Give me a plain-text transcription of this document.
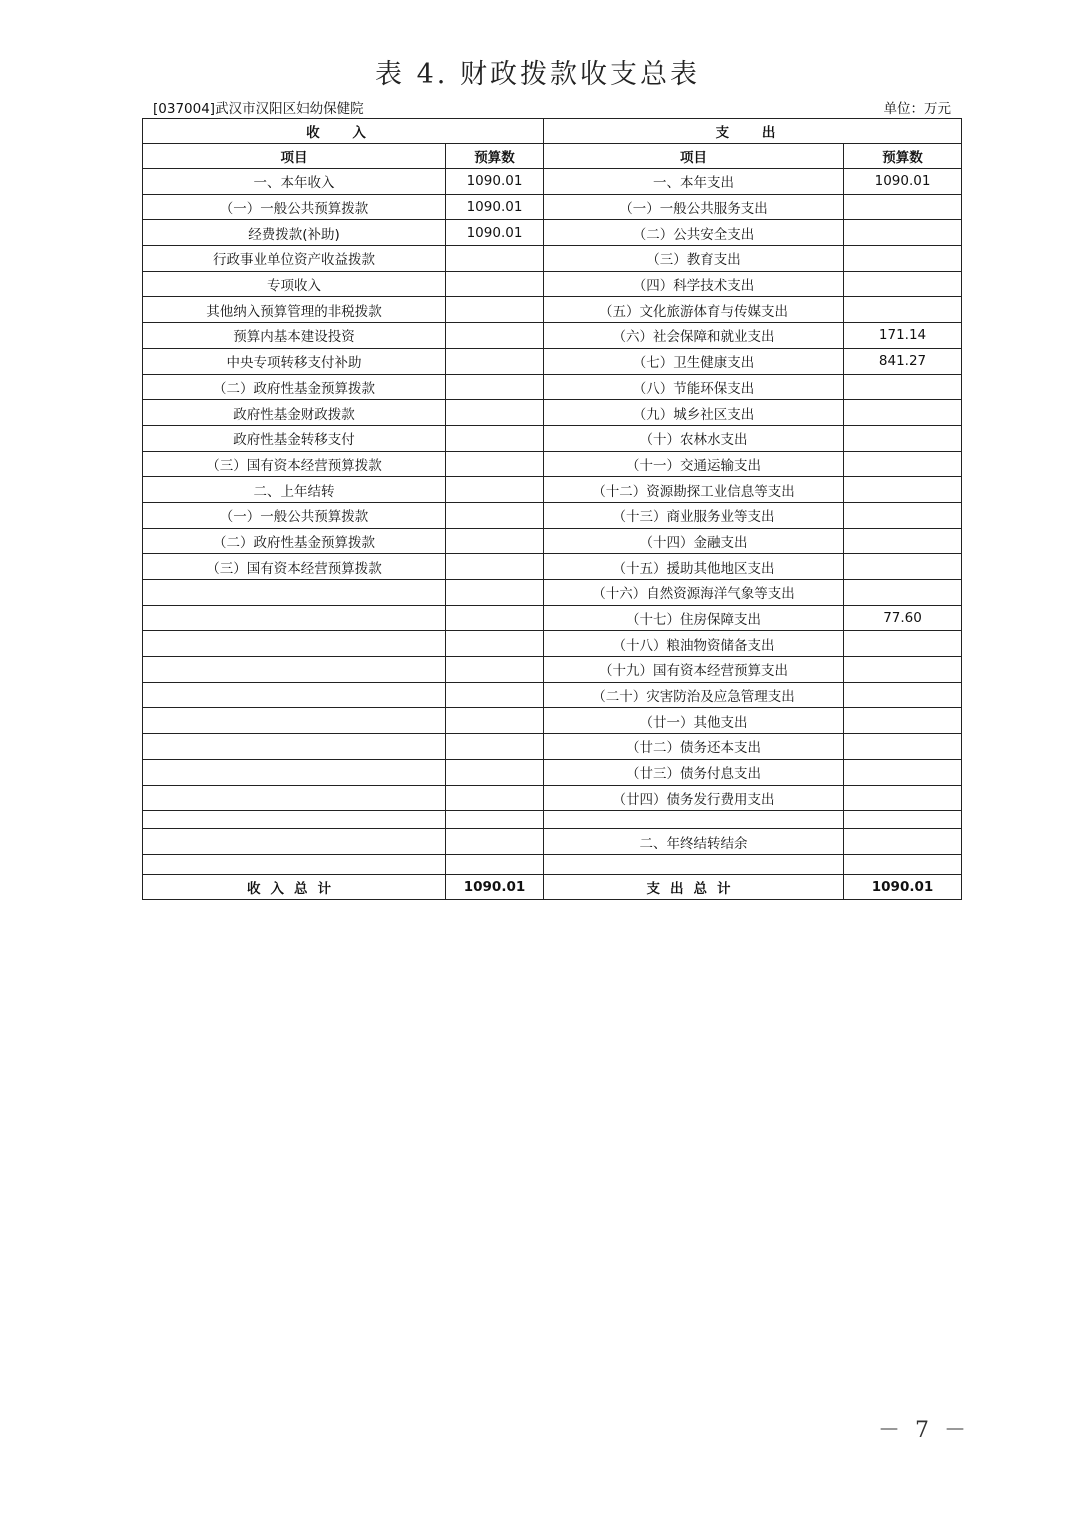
表 4. 财政拨款收支总表
[037004]武汉市汉阳区妇幼保健院	单位：万元
收 入		支 出	
项目	预算数	项目	预算数
一、本年收入	1090.01	一、本年支出	1090.01
（一）一般公共预算拨款	1090.01	（一）一般公共服务支出	
经费拨款(补助)	1090.01	（二）公共安全支出	
行政事业单位资产收益拨款		（三）教育支出	
专项收入		（四）科学技术支出	
其他纳入预算管理的非税拨款		（五）文化旅游体育与传媒支出	
预算内基本建设投资		（六）社会保障和就业支出	171.14
中央专项转移支付补助		（七）卫生健康支出	841.27
（二）政府性基金预算拨款		（八）节能环保支出	
政府性基金财政拨款		（九）城乡社区支出	
政府性基金转移支付		（十）农林水支出	
（三）国有资本经营预算拨款		（十一）交通运输支出	
二、上年结转		（十二）资源勘探工业信息等支出	
（一）一般公共预算拨款		（十三）商业服务业等支出	
（二）政府性基金预算拨款		（十四）金融支出	
（三）国有资本经营预算拨款		（十五）援助其他地区支出	
		（十六）自然资源海洋气象等支出	
		（十七）住房保障支出	77.60
		（十八）粮油物资储备支出	
		（十九）国有资本经营预算支出	
		（二十）灾害防治及应急管理支出	
		（廿一）其他支出	
		（廿二）债务还本支出	
		（廿三）债务付息支出	
		（廿四）债务发行费用支出	

		二、年终结转结余	

收入总计	1090.01	支出总计	1090.01
－ 7 －
